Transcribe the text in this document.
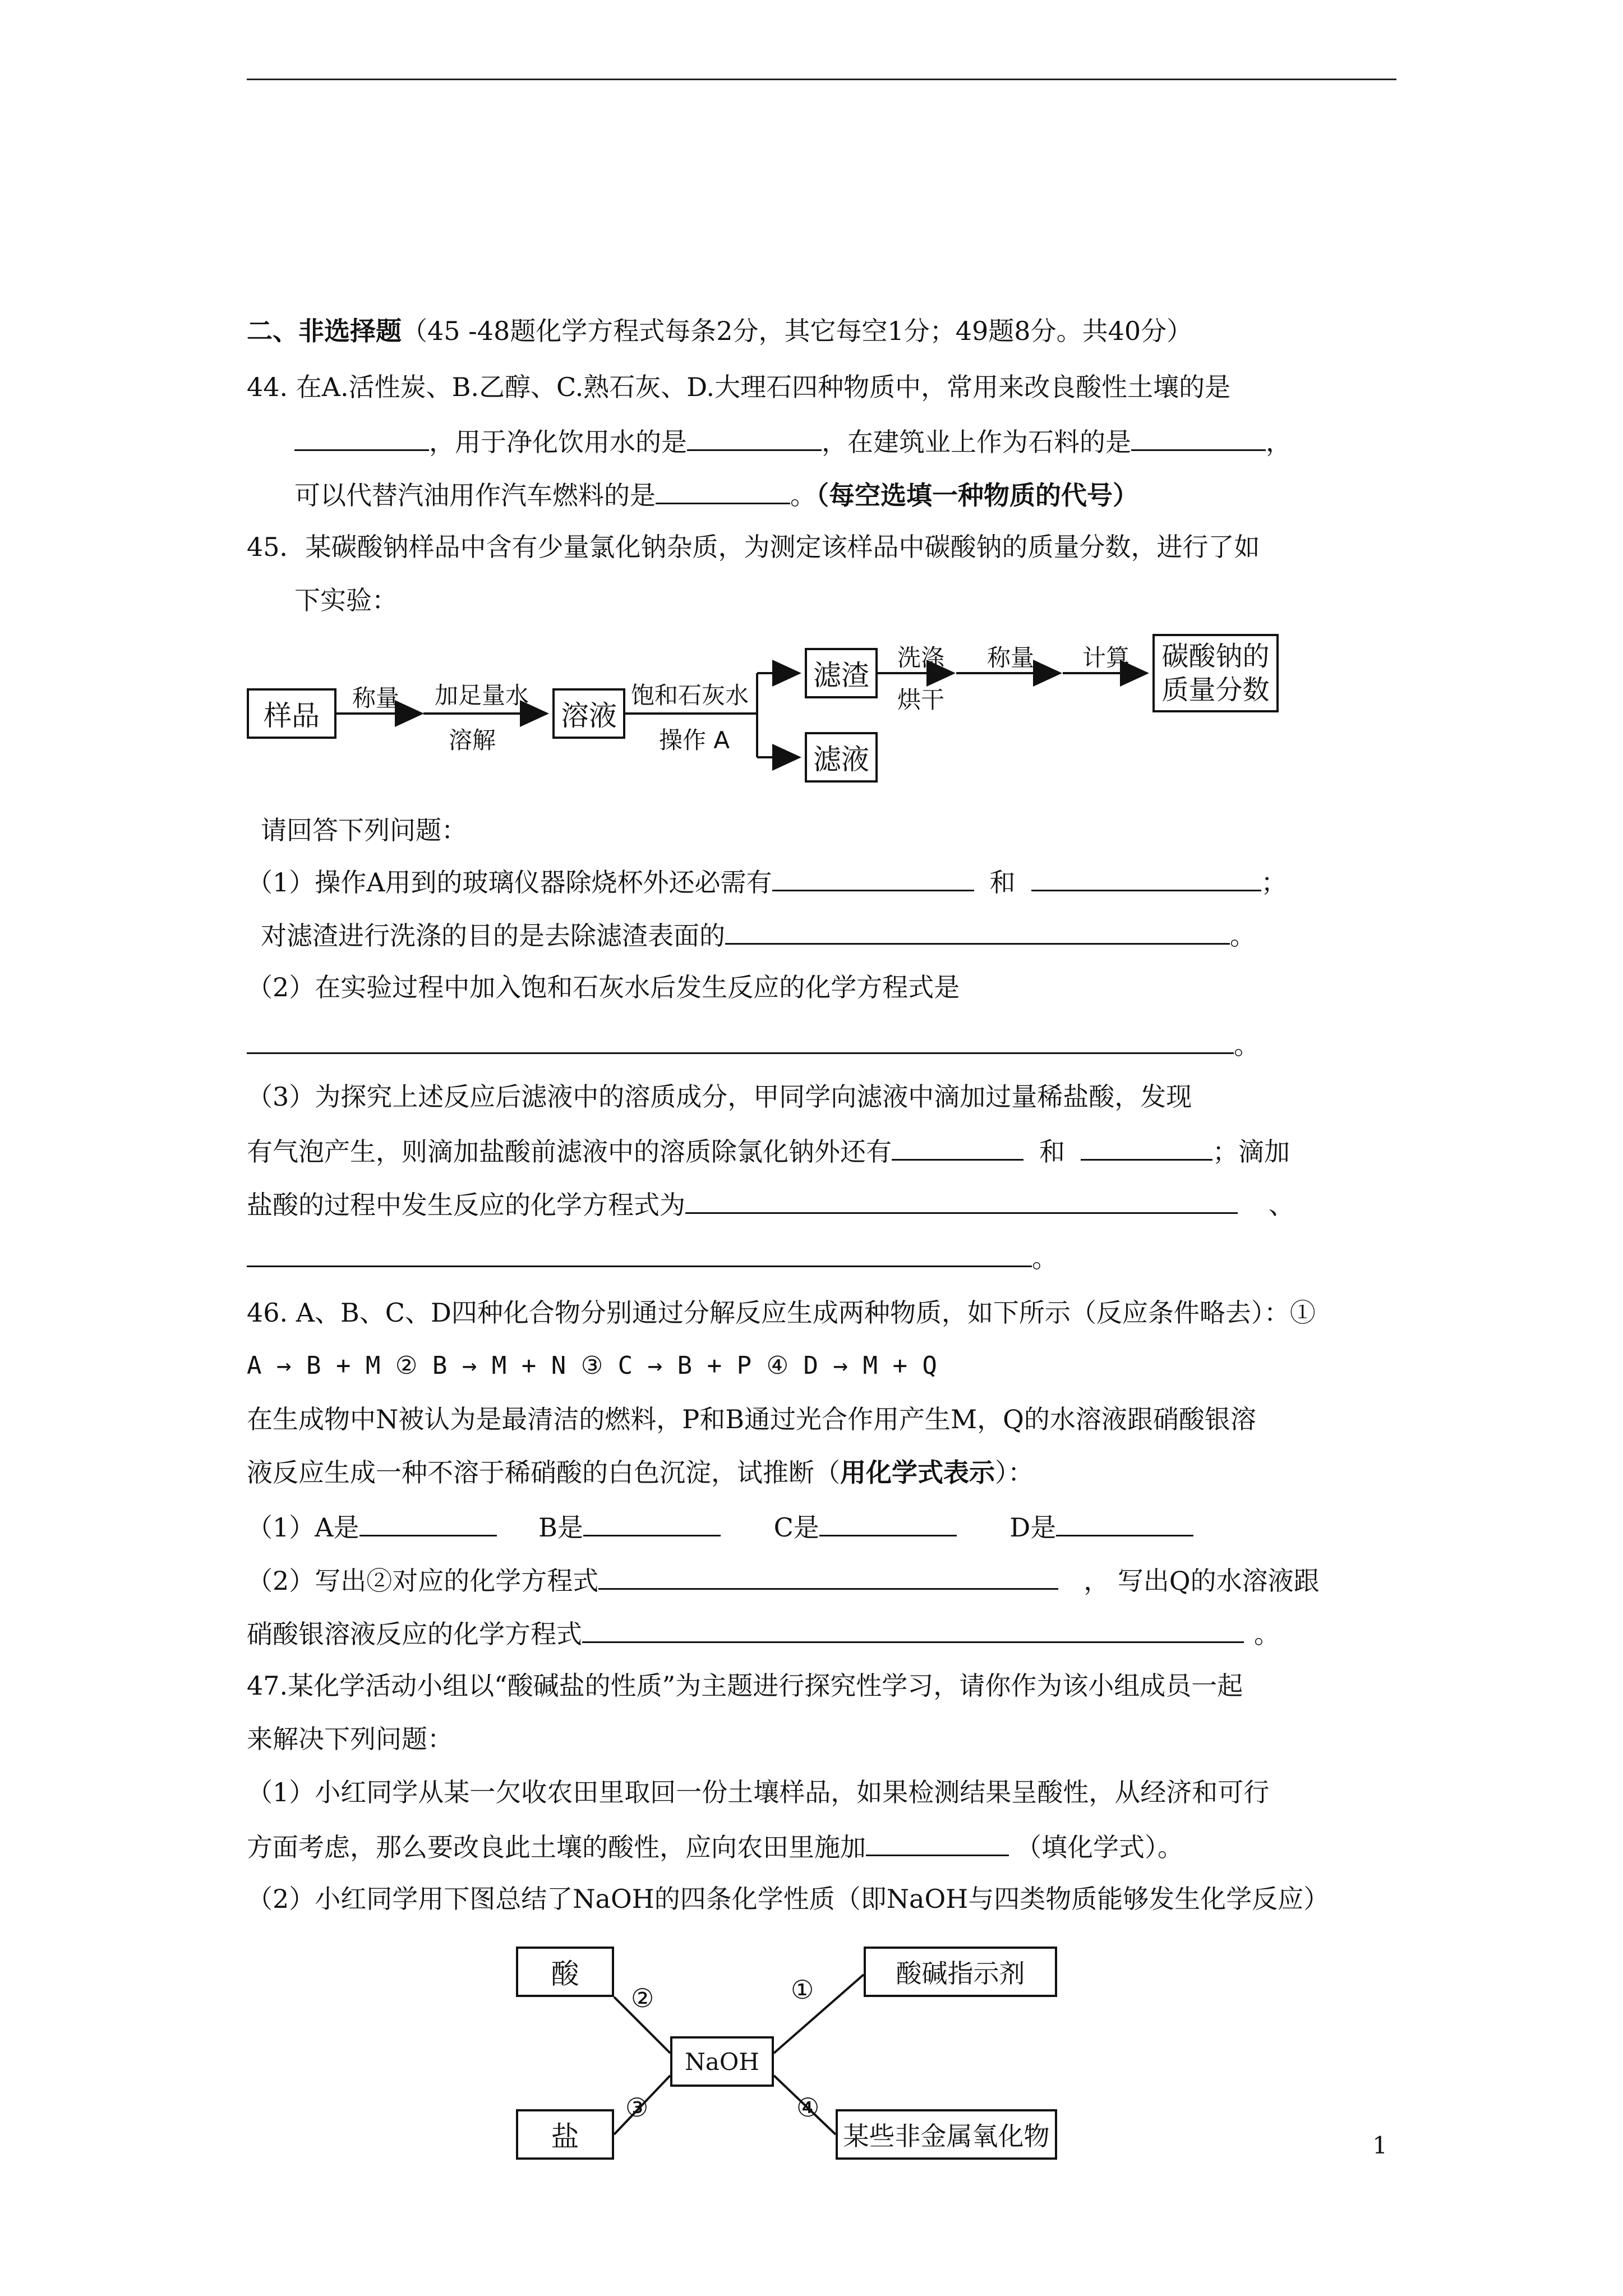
二、非选择题（45 -48题化学方程式每条2分，其它每空1分；49题8分。共40分）
44. 在A.活性炭、B.乙醇、C.熟石灰、D.大理石四种物质中，常用来改良酸性土壤的是
，用于净化饮用水的是	，在建筑业上作为石料的是	，
可以代替汽油用作汽车燃料的是	。（每空选填一种物质的代号）
45．某碳酸钠样品中含有少量氯化钠杂质，为测定该样品中碳酸钠的质量分数，进行了如
下实验：
样品
称量 加足量水
溶解
溶液
饱和石灰水
操作 A
滤渣
滤液
洗涤
烘干
称量 计算 碳酸钠的
质量分数
请回答下列问题：
（1）操作A用到的玻璃仪器除烧杯外还必需有	和	；
对滤渣进行洗涤的目的是去除滤渣表面的	。
（2）在实验过程中加入饱和石灰水后发生反应的化学方程式是
。
（3）为探究上述反应后滤液中的溶质成分，甲同学向滤液中滴加过量稀盐酸，发现
有气泡产生，则滴加盐酸前滤液中的溶质除氯化钠外还有	和	；滴加
盐酸的过程中发生反应的化学方程式为	、
。
46. A、B、C、D四种化合物分别通过分解反应生成两种物质，如下所示（反应条件略去）：①
A → B + M ② B → M + N ③ C → B + P ④ D → M + Q
在生成物中N被认为是最清洁的燃料，P和B通过光合作用产生M，Q的水溶液跟硝酸银溶
液反应生成一种不溶于稀硝酸的白色沉淀，试推断（用化学式表示）：
（1）A是	B是	C是	D是
（2）写出②对应的化学方程式	， 写出Q的水溶液跟
硝酸银溶液反应的化学方程式	。
47.某化学活动小组以“酸碱盐的性质”为主题进行探究性学习，请你作为该小组成员一起
来解决下列问题：
（1）小红同学从某一欠收农田里取回一份土壤样品，如果检测结果呈酸性，从经济和可行
方面考虑，那么要改良此土壤的酸性，应向农田里施加	（填化学式）。
（2）小红同学用下图总结了NaOH的四条化学性质（即NaOH与四类物质能够发生化学反应）
酸	酸碱指示剂
NaOH
盐	某些非金属氧化物
②	①
③	④
1
